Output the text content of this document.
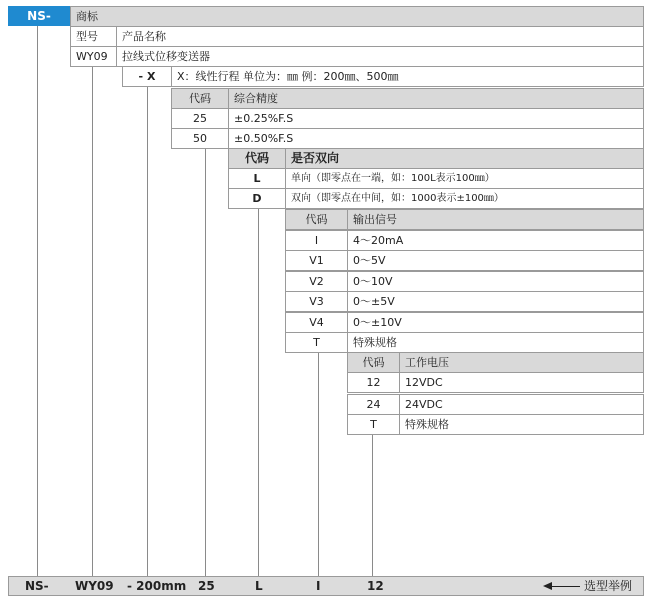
NS-	商标
型号	产品名称
WY09	拉线式位移变送器
- X	X：线性行程 单位为：㎜ 例：200㎜、500㎜
代码	综合精度
25	±0.25%F.S
50	±0.50%F.S
代码	是否双向
L	单向（即零点在一端，如：100L表示100㎜）
D	双向（即零点在中间，如：1000表示±100㎜）
代码	输出信号
I	4～20mA
V1	0～5V
V2	0～10V
V3	0～±5V
V4	0～±10V
T	特殊规格
代码	工作电压
12	12VDC
24	24VDC
T	特殊规格
NS- WY09 - 200mm 25	L	I	12	选型举例
